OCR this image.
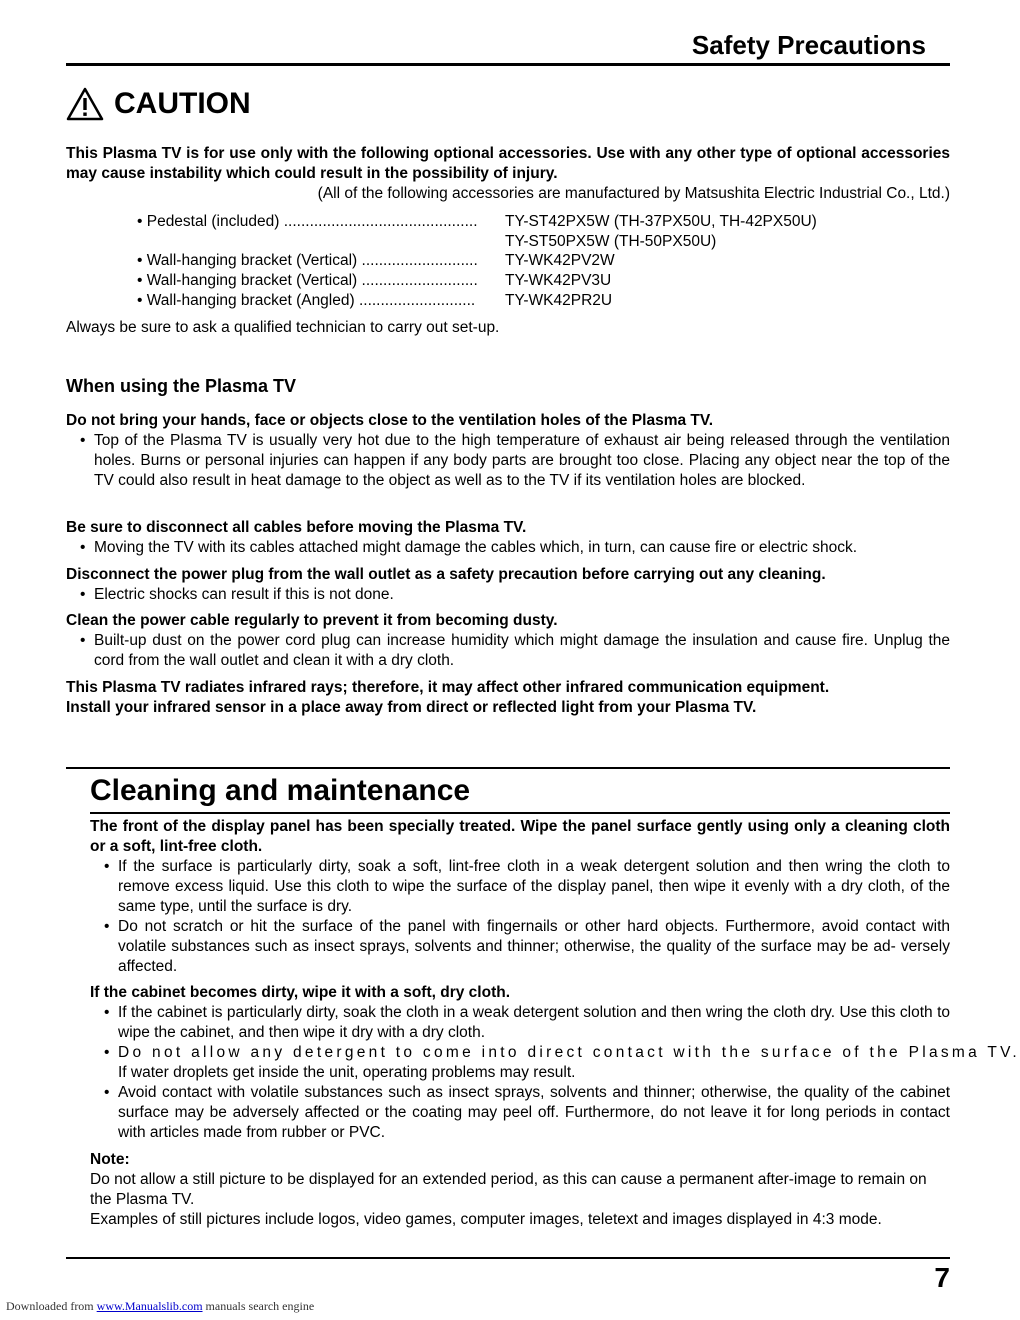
Safety Precautions
CAUTION
This Plasma TV is for use only with the following optional accessories. Use with any other type of optional accessories may cause instability which could result in the possibility of injury.
(All of the following accessories are manufactured by Matsushita Electric Industrial Co., Ltd.)
• Pedestal (included) ............................................. TY-ST42PX5W (TH-37PX50U, TH-42PX50U)
TY-ST50PX5W (TH-50PX50U)
• Wall-hanging bracket (Vertical) ........................... TY-WK42PV2W
• Wall-hanging bracket (Vertical) ........................... TY-WK42PV3U
• Wall-hanging bracket (Angled) ........................... TY-WK42PR2U
Always be sure to ask a qualified technician to carry out set-up.
When using the Plasma TV
Do not bring your hands, face or objects close to the ventilation holes of the Plasma TV.
• Top of the Plasma TV is usually very hot due to the high temperature of exhaust air being released through the ventilation holes. Burns or personal injuries can happen if any body parts are brought too close. Placing any object near the top of the TV could also result in heat damage to the object as well as to the TV if its ventilation holes are blocked.
Be sure to disconnect all cables before moving the Plasma TV.
• Moving the TV with its cables attached might damage the cables which, in turn, can cause fire or electric shock.
Disconnect the power plug from the wall outlet as a safety precaution before carrying out any cleaning.
• Electric shocks can result if this is not done.
Clean the power cable regularly to prevent it from becoming dusty.
• Built-up dust on the power cord plug can increase humidity which might damage the insulation and cause fire. Unplug the cord from the wall outlet and clean it with a dry cloth.
This Plasma TV radiates infrared rays; therefore, it may affect other infrared communication equipment.
Install your infrared sensor in a place away from direct or reflected light from your Plasma TV.
Cleaning and maintenance
The front of the display panel has been specially treated. Wipe the panel surface gently using only a cleaning cloth or a soft, lint-free cloth.
• If the surface is particularly dirty, soak a soft, lint-free cloth in a weak detergent solution and then wring the cloth to remove excess liquid. Use this cloth to wipe the surface of the display panel, then wipe it evenly with a dry cloth, of the same type, until the surface is dry.
• Do not scratch or hit the surface of the panel with fingernails or other hard objects. Furthermore, avoid contact with volatile substances such as insect sprays, solvents and thinner; otherwise, the quality of the surface may be ad- versely affected.
If the cabinet becomes dirty, wipe it with a soft, dry cloth.
• If the cabinet is particularly dirty, soak the cloth in a weak detergent solution and then wring the cloth dry. Use this cloth to wipe the cabinet, and then wipe it dry with a dry cloth.
• Do not allow any detergent to come into direct contact with the surface of the Plasma TV.
If water droplets get inside the unit, operating problems may result.
• Avoid contact with volatile substances such as insect sprays, solvents and thinner; otherwise, the quality of the cabinet surface may be adversely affected or the coating may peel off. Furthermore, do not leave it for long periods in contact with articles made from rubber or PVC.
Note:
Do not allow a still picture to be displayed for an extended period, as this can cause a permanent after-image to remain on the Plasma TV.
Examples of still pictures include logos, video games, computer images, teletext and images displayed in 4:3 mode.
7
Downloaded from www.Manualslib.com manuals search engine
